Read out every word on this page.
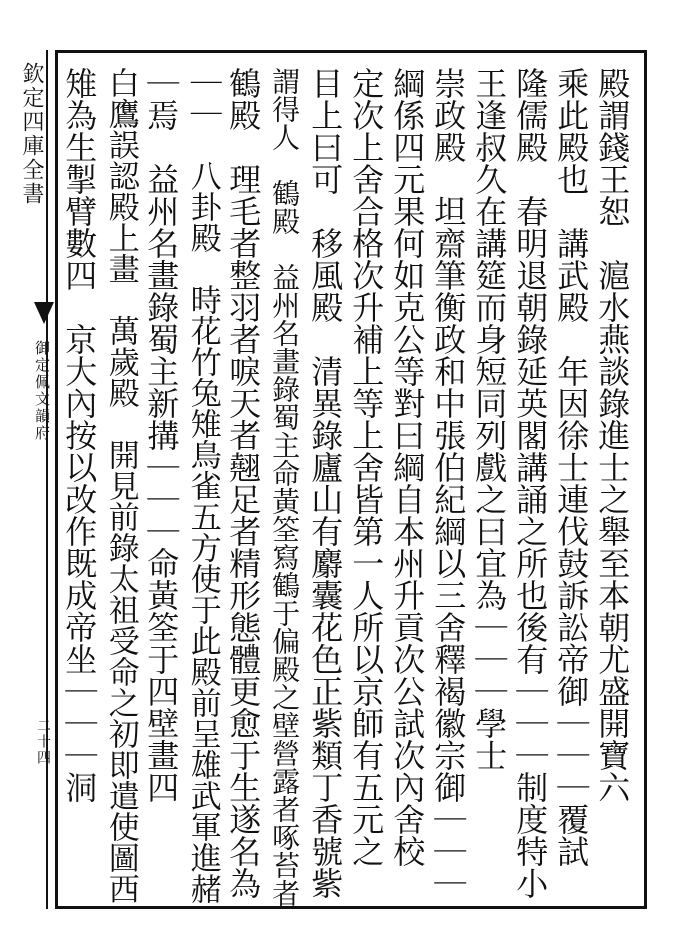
欽定四庫全書
御定佩文韻府
二十四	殿謂錢王恕　滬水燕談錄進士之舉至本朝尤盛開寶六
乘此殿也　講武殿　年因徐士連伐鼓訴訟帝御｜｜｜覆試
隆儒殿　春明退朝錄延英閣講誦之所也後有｜｜｜制度特小
王逢叔久在講筵而身短同列戲之曰宜為｜｜｜學士
崇政殿　坦齋筆衡政和中張伯紀綱以三舍釋褐徽宗御｜｜｜
綱係四元果何如克公等對曰綱自本州升貢次公試次內舍校
定次上舍合格次升補上等上舍皆第一人所以京師有五元之
目上曰可　移風殿　清異錄廬山有麝囊花色正紫類丁香號紫
謂得人　鶴殿　益州名畫錄蜀主命黃筌寫鶴于偏殿之壁營露者啄苔者
鶴殿　理毛者整羽者唳天者翹足者精形態體更愈于生遂名為
｜｜　八卦殿　時花竹兔雉鳥雀五方使于此殿前呈雄武軍進赭
｜焉　益州名畫錄蜀主新搆｜｜｜命黃筌于四壁畫四
白鷹誤認殿上畫　萬歲殿　開見前錄太祖受命之初即遣使圖西
雉為生掣臂數四　京大內按以改作既成帝坐｜｜｜洞
